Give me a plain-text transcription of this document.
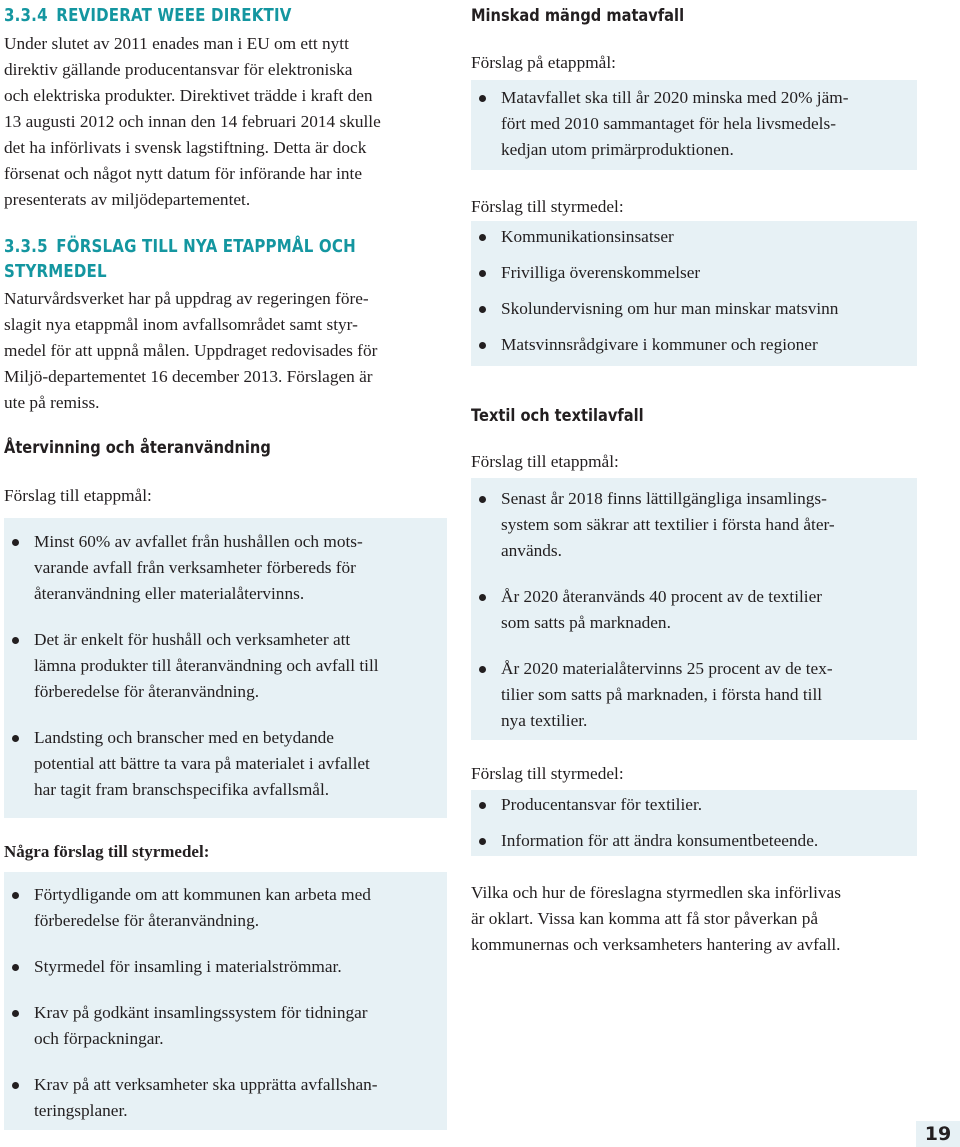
3.3.4 REVIDERAT WEEE DIREKTIV

Under slutet av 2011 enades man i EU om ett nytt

direktiv gällande producentansvar för elektroniska

och elektriska produkter. Direktivet trädde i kraft den

13 augusti 2012 och innan den 14 februari 2014 skulle

det ha införlivats i svensk lagstiftning. Detta är dock

försenat och något nytt datum för införande har inte

presenterats av miljödepartementet.

3.3.5 FÖRSLAG TILL NYA ETAPPMÅL OCH
STYRMEDEL

Naturvårdsverket har på uppdrag av regeringen före-

slagit nya etappmål inom avfallsområdet samt styr-

medel för att uppnå målen. Uppdraget redovisades för

Miljö-departementet 16 december 2013. Förslagen är

ute på remiss.

Återvinning och återanvändning

Förslag till etappmål:

Minst 60% av avfallet från hushållen och mots-
varande avfall från verksamheter förbereds för
återanvändning eller materialåtervinns.
Det är enkelt för hushåll och verksamheter att
lämna produkter till återanvändning och avfall till
förberedelse för återanvändning.
Landsting och branscher med en betydande
potential att bättre ta vara på materialet i avfallet
har tagit fram branschspecifika avfallsmål.
Några förslag till styrmedel:
Förtydligande om att kommunen kan arbeta med
förberedelse för återanvändning.
Styrmedel för insamling i materialströmmar.
Krav på godkänt insamlingssystem för tidningar
och förpackningar.
Krav på att verksamheter ska upprätta avfallshan-
teringsplaner.
Minskad mängd matavfall

Förslag på etappmål:

Matavfallet ska till år 2020 minska med 20% jäm-
fört med 2010 sammantaget för hela livsmedels-
kedjan utom primärproduktionen.

Förslag till styrmedel:

Kommunikationsinsatser
Frivilliga överenskommelser
Skolundervisning om hur man minskar matsvinn
Matsvinnsrådgivare i kommuner och regioner
Textil och textilavfall

Förslag till etappmål:

Senast år 2018 finns lättillgängliga insamlings-
system som säkrar att textilier i första hand åter-
används.
År 2020 återanvänds 40 procent av de textilier
som satts på marknaden.
År 2020 materialåtervinns 25 procent av de tex-
tilier som satts på marknaden, i första hand till
nya textilier.

Förslag till styrmedel:

Producentansvar för textilier.
Information för att ändra konsumentbeteende.

Vilka och hur de föreslagna styrmedlen ska införlivas

är oklart. Vissa kan komma att få stor påverkan på

kommunernas och verksamheters hantering av avfall.

19
